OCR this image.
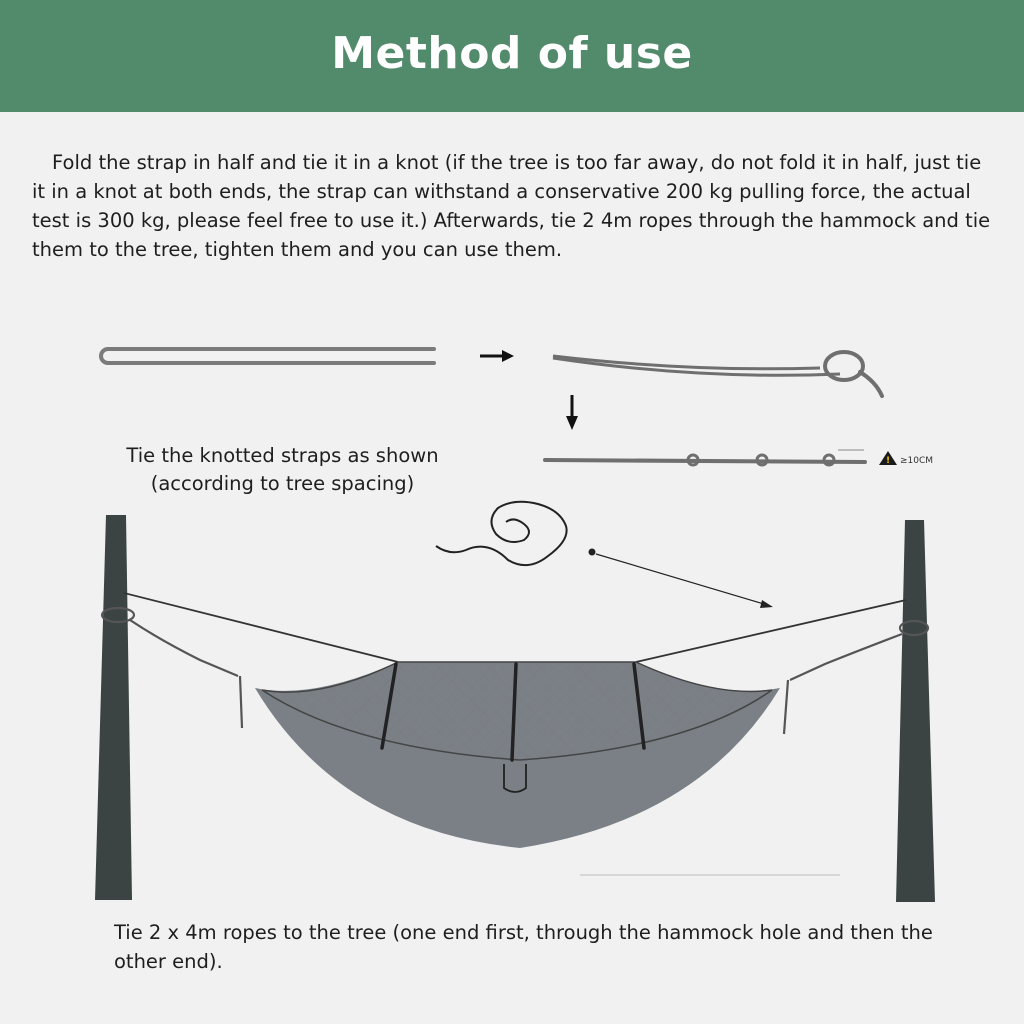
Method of use

Fold the strap in half and tie it in a knot (if the tree is too far away, do not fold it in half, just tie it in a knot at both ends, the strap can withstand a conservative 200 kg pulling force, the actual test is 300 kg, please feel free to use it.) Afterwards, tie 2 4m ropes through the hammock and tie them to the tree, tighten them and you can use them.

! ≥10CM
Tie the knotted straps as shown
(according to tree spacing)

Tie 2 x 4m ropes to the tree (one end first, through the hammock hole and then the other end).
